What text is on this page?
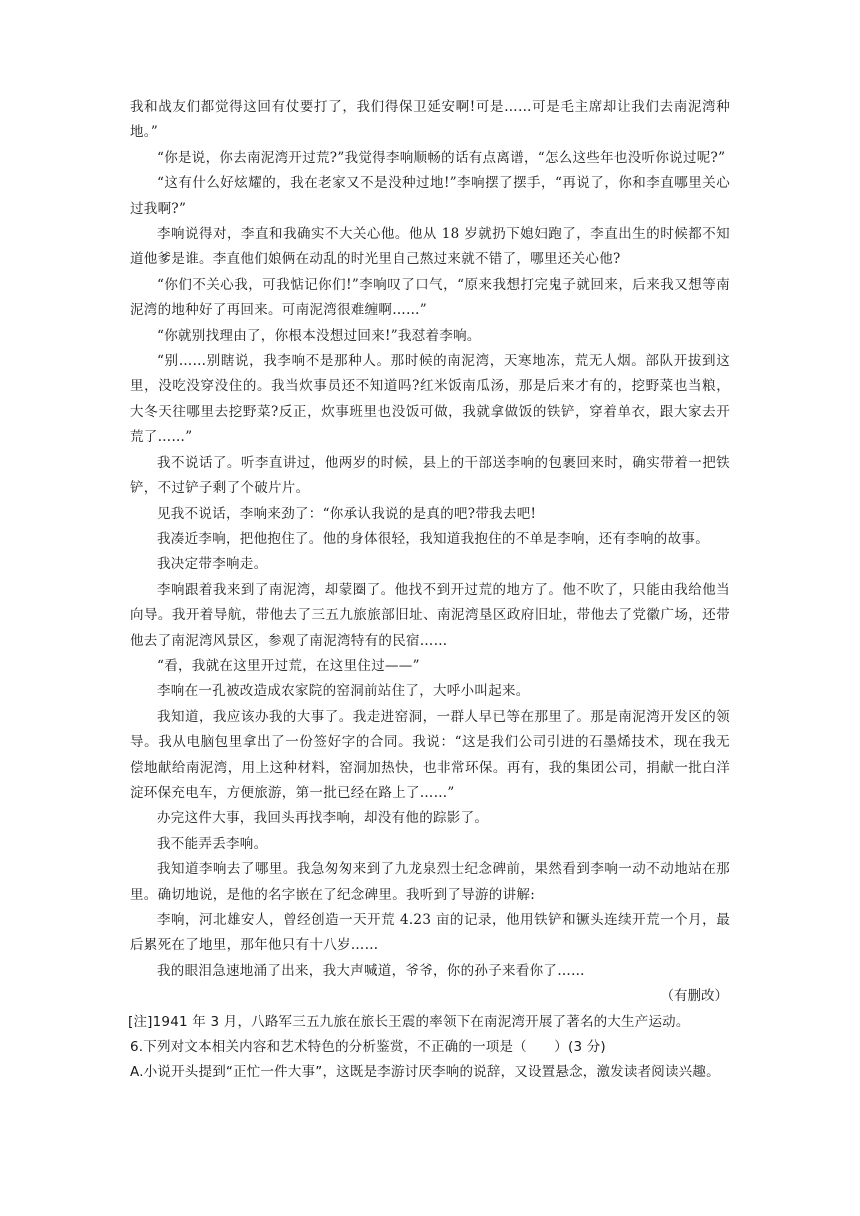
我和战友们都觉得这回有仗要打了，我们得保卫延安啊!可是……可是毛主席却让我们去南泥湾种地。”

“你是说，你去南泥湾开过荒?”我觉得李响顺畅的话有点离谱，“怎么这些年也没听你说过呢?”

“这有什么好炫耀的，我在老家又不是没种过地!”李响摆了摆手，“再说了，你和李直哪里关心过我啊?”

李响说得对，李直和我确实不大关心他。他从 18 岁就扔下媳妇跑了，李直出生的时候都不知道他爹是谁。李直他们娘俩在动乱的时光里自己熬过来就不错了，哪里还关心他?

“你们不关心我，可我惦记你们!”李响叹了口气，“原来我想打完鬼子就回来，后来我又想等南泥湾的地种好了再回来。可南泥湾很难缠啊……”

“你就别找理由了，你根本没想过回来!”我怼着李响。

“别……别瞎说，我李响不是那种人。那时候的南泥湾，天寒地冻，荒无人烟。部队开拔到这里，没吃没穿没住的。我当炊事员还不知道吗?红米饭南瓜汤，那是后来才有的，挖野菜也当粮，大冬天往哪里去挖野菜?反正，炊事班里也没饭可做，我就拿做饭的铁铲，穿着单衣，跟大家去开荒了……”

我不说话了。听李直讲过，他两岁的时候，县上的干部送李响的包裹回来时，确实带着一把铁铲，不过铲子剩了个破片片。

见我不说话，李响来劲了：“你承认我说的是真的吧?带我去吧!

我凑近李响，把他抱住了。他的身体很轻，我知道我抱住的不单是李响，还有李响的故事。

我决定带李响走。

李响跟着我来到了南泥湾，却蒙圈了。他找不到开过荒的地方了。他不吹了，只能由我给他当向导。我开着导航，带他去了三五九旅旅部旧址、南泥湾垦区政府旧址，带他去了党徽广场，还带他去了南泥湾风景区，参观了南泥湾特有的民宿……

“看，我就在这里开过荒，在这里住过——”

李响在一孔被改造成农家院的窑洞前站住了，大呼小叫起来。

我知道，我应该办我的大事了。我走进窑洞，一群人早已等在那里了。那是南泥湾开发区的领导。我从电脑包里拿出了一份签好字的合同。我说：“这是我们公司引进的石墨烯技术，现在我无偿地献给南泥湾，用上这种材料，窑洞加热快，也非常环保。再有，我的集团公司，捐献一批白洋淀环保充电车，方便旅游，第一批已经在路上了……”

办完这件大事，我回头再找李响，却没有他的踪影了。

我不能弄丢李响。

我知道李响去了哪里。我急匆匆来到了九龙泉烈士纪念碑前，果然看到李响一动不动地站在那里。确切地说，是他的名字嵌在了纪念碑里。我听到了导游的讲解:

李响，河北雄安人，曾经创造一天开荒 4.23 亩的记录，他用铁铲和镢头连续开荒一个月，最后累死在了地里，那年他只有十八岁……

我的眼泪急速地涌了出来，我大声喊道，爷爷，你的孙子来看你了……

（有删改）

[注]1941 年 3 月，八路军三五九旅在旅长王震的率领下在南泥湾开展了著名的大生产运动。

6.下列对文本相关内容和艺术特色的分析鉴赏，不正确的一项是（　　）(3 分)

A.小说开头提到“正忙一件大事”，这既是李游讨厌李响的说辞，又设置悬念，激发读者阅读兴趣。
